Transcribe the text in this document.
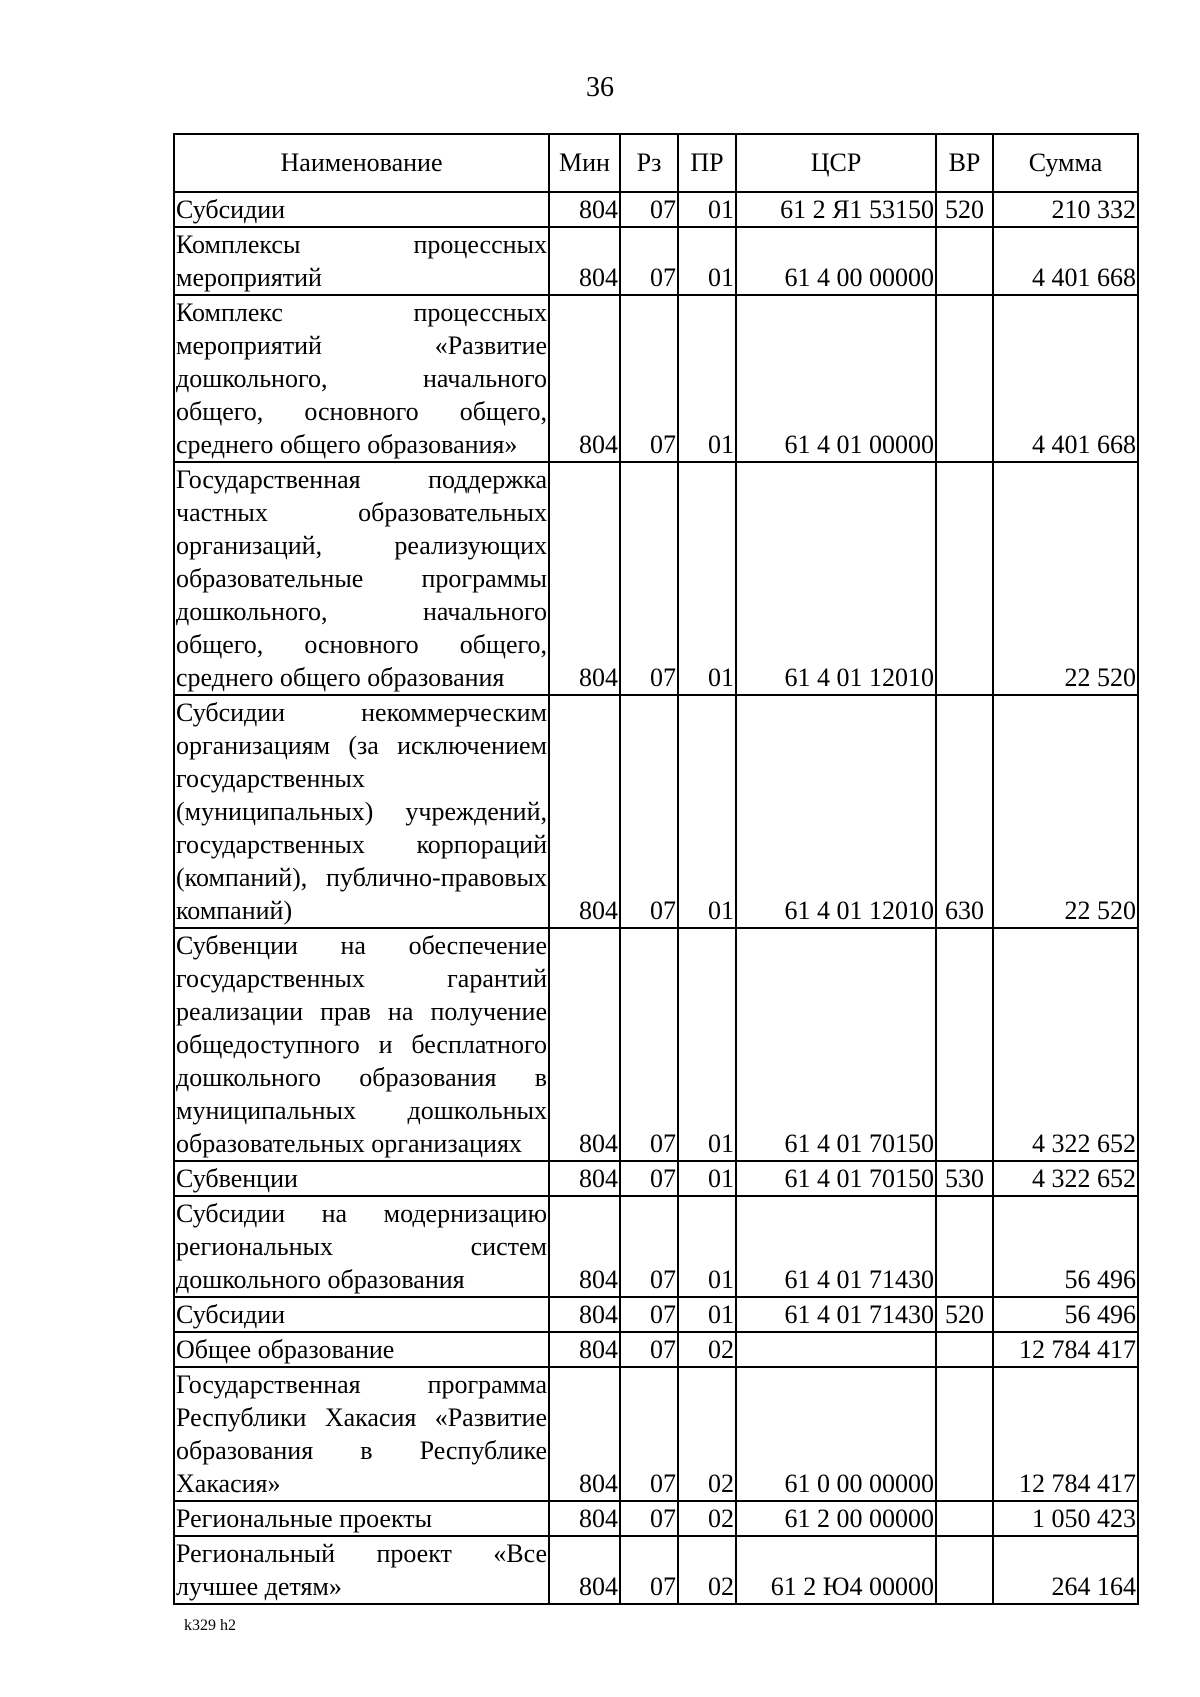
36
Наименование	Мин	Рз	ПР	ЦСР	ВР	Сумма
Субсидии	804	07	01	61 2 Я1 53150	520	210 332
Комплексы процессных мероприятий	804	07	01	61 4 00 00000		4 401 668
Комплекс процессных мероприятий «Развитие дошкольного, начального общего, основного общего, среднего общего образования»	804	07	01	61 4 01 00000		4 401 668
Государственная поддержка частных образовательных организаций, реализующих образовательные программы дошкольного, начального общего, основного общего, среднего общего образования	804	07	01	61 4 01 12010		22 520
Субсидии некоммерческим организациям (за исключением государственных (муниципальных) учреждений, государственных корпораций (компаний), публично-правовых компаний)	804	07	01	61 4 01 12010	630	22 520
Субвенции на обеспечение государственных гарантий реализации прав на получение общедоступного и бесплатного дошкольного образования в муниципальных дошкольных образовательных организациях	804	07	01	61 4 01 70150		4 322 652
Субвенции	804	07	01	61 4 01 70150	530	4 322 652
Субсидии на модернизацию региональных систем дошкольного образования	804	07	01	61 4 01 71430		56 496
Субсидии	804	07	01	61 4 01 71430	520	56 496
Общее образование	804	07	02			12 784 417
Государственная программа Республики Хакасия «Развитие образования в Республике Хакасия»	804	07	02	61 0 00 00000		12 784 417
Региональные проекты	804	07	02	61 2 00 00000		1 050 423
Региональный проект «Все лучшее детям»	804	07	02	61 2 Ю4 00000		264 164
k329 h2
